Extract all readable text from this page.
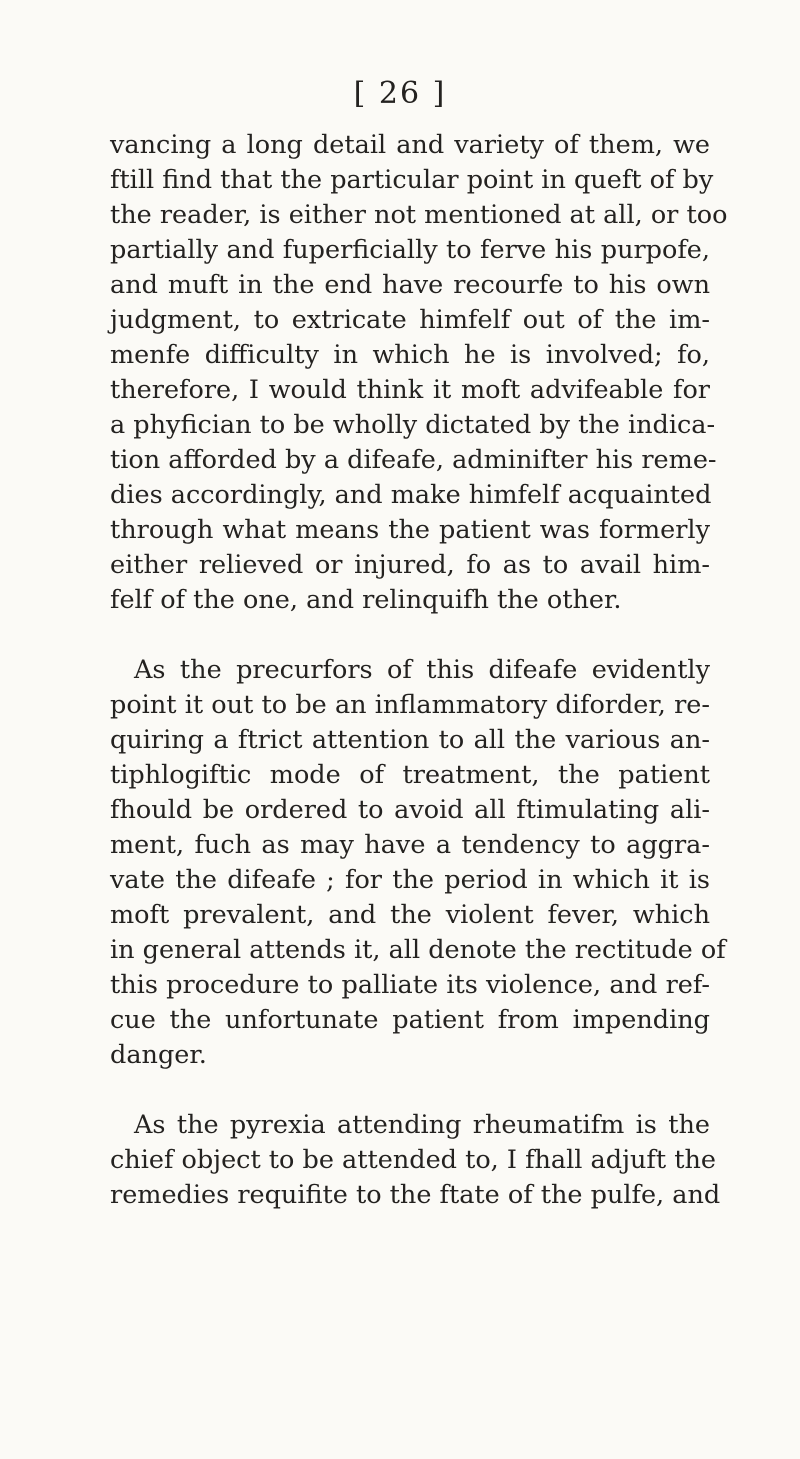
[ 26 ]
vancing a long detail and variety of them, we
ftill find that the particular point in queft of by
the reader, is either not mentioned at all, or too
partially and fuperficially to ferve his purpofe,
and muft in the end have recourfe to his own
judgment, to extricate himfelf out of the im-
menfe difficulty in which he is involved; fo,
therefore, I would think it moft advifeable for
a phyfician to be wholly dictated by the indica-
tion afforded by a difeafe, adminifter his reme-
dies accordingly, and make himfelf acquainted
through what means the patient was formerly
either relieved or injured, fo as to avail him-
felf of the one, and relinquifh the other.
As the precurfors of this difeafe evidently
point it out to be an inflammatory diforder, re-
quiring a ftrict attention to all the various an-
tiphlogiftic mode of treatment, the patient
fhould be ordered to avoid all ftimulating ali-
ment, fuch as may have a tendency to aggra-
vate the difeafe ; for the period in which it is
moft prevalent, and the violent fever, which
in general attends it, all denote the rectitude of
this procedure to palliate its violence, and ref-
cue the unfortunate patient from impending
danger.
As the pyrexia attending rheumatifm is the
chief object to be attended to, I fhall adjuft the
remedies requifite to the ftate of the pulfe, and
